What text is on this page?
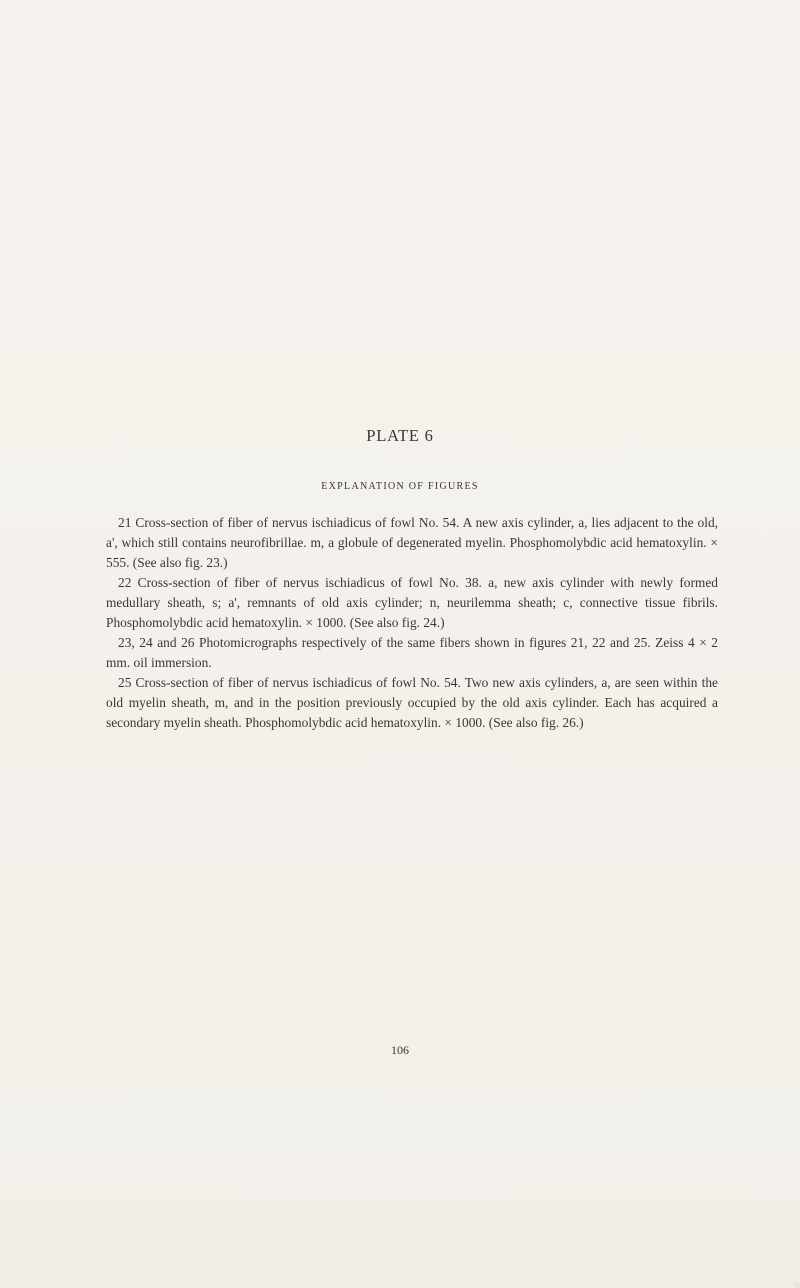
PLATE 6
EXPLANATION OF FIGURES

21 Cross-section of fiber of nervus ischiadicus of fowl No. 54. A new axis cylinder, a, lies adjacent to the old, a', which still contains neurofibrillae. m, a globule of degenerated myelin. Phosphomolybdic acid hematoxylin. × 555. (See also fig. 23.)

22 Cross-section of fiber of nervus ischiadicus of fowl No. 38. a, new axis cylinder with newly formed medullary sheath, s; a', remnants of old axis cylinder; n, neurilemma sheath; c, connective tissue fibrils. Phosphomolybdic acid hematoxylin. × 1000. (See also fig. 24.)

23, 24 and 26 Photomicrographs respectively of the same fibers shown in figures 21, 22 and 25. Zeiss 4 × 2 mm. oil immersion.

25 Cross-section of fiber of nervus ischiadicus of fowl No. 54. Two new axis cylinders, a, are seen within the old myelin sheath, m, and in the position previously occupied by the old axis cylinder. Each has acquired a secondary myelin sheath. Phosphomolybdic acid hematoxylin. × 1000. (See also fig. 26.)

106
